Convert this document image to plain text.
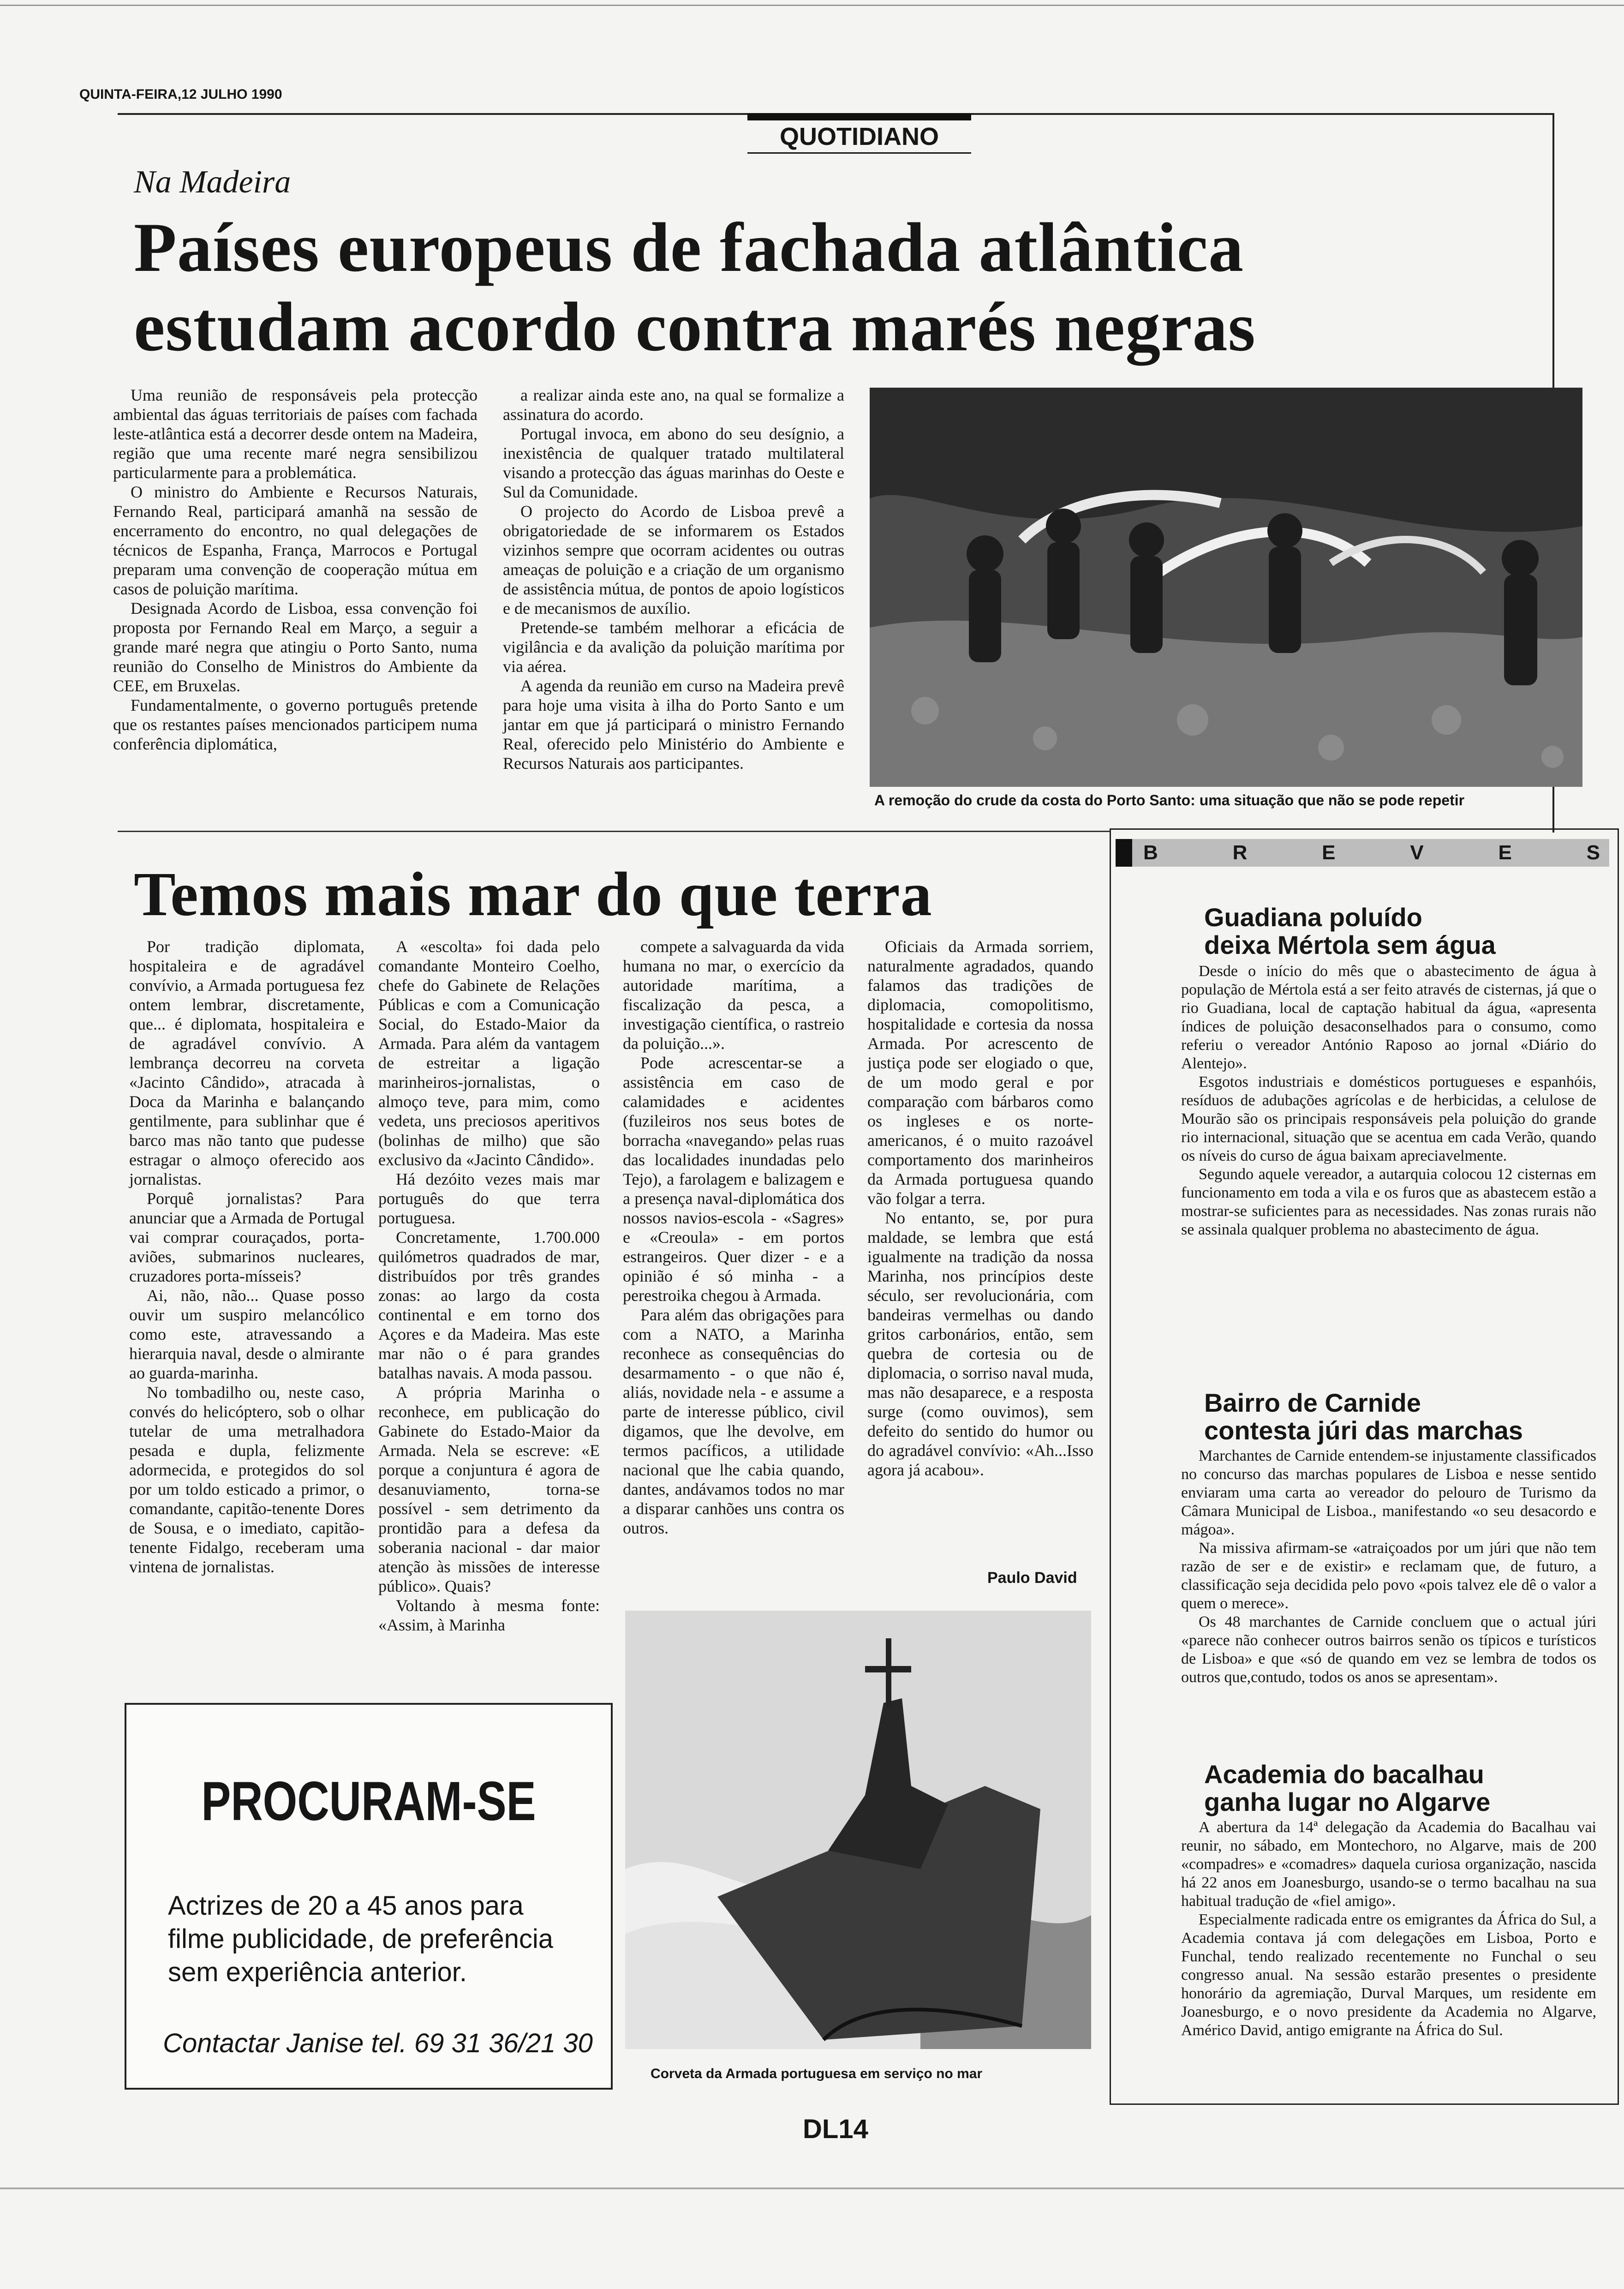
QUINTA-FEIRA,12 JULHO 1990
QUOTIDIANO
Na Madeira
Países europeus de fachada atlântica
estudam acordo contra marés negras

Uma reunião de responsáveis pela protecção ambiental das águas territoriais de países com fachada leste-atlântica está a decorrer desde ontem na Madeira, região que uma recente maré negra sensibilizou particularmente para a problemática.

O ministro do Ambiente e Recursos Naturais, Fernando Real, participará amanhã na sessão de encerramento do encontro, no qual delegações de técnicos de Espanha, França, Marrocos e Portugal preparam uma convenção de cooperação mútua em casos de poluição marítima.

Designada Acordo de Lisboa, essa convenção foi proposta por Fernando Real em Março, a seguir a grande maré negra que atingiu o Porto Santo, numa reunião do Conselho de Ministros do Ambiente da CEE, em Bruxelas.

Fundamentalmente, o governo português pretende que os restantes países mencionados participem numa conferência diplomática,

a realizar ainda este ano, na qual se formalize a assinatura do acordo.

Portugal invoca, em abono do seu desígnio, a inexistência de qualquer tratado multilateral visando a protecção das águas marinhas do Oeste e Sul da Comunidade.

O projecto do Acordo de Lisboa prevê a obrigatoriedade de se informarem os Estados vizinhos sempre que ocorram acidentes ou outras ameaças de poluição e a criação de um organismo de assistência mútua, de pontos de apoio logísticos e de mecanismos de auxílio.

Pretende-se também melhorar a eficácia de vigilância e da avalição da poluição marítima por via aérea.

A agenda da reunião em curso na Madeira prevê para hoje uma visita à ilha do Porto Santo e um jantar em que já participará o ministro Fernando Real, oferecido pelo Ministério do Ambiente e Recursos Naturais aos participantes.

A remoção do crude da costa do Porto Santo: uma situação que não se pode repetir
Temos mais mar do que terra

Por tradição diplomata, hospitaleira e de agradável convívio, a Armada portuguesa fez ontem lembrar, discretamente, que... é diplomata, hospitaleira e de agradável convívio. A lembrança decorreu na corveta «Jacinto Cândido», atracada à Doca da Marinha e balançando gentilmente, para sublinhar que é barco mas não tanto que pudesse estragar o almoço oferecido aos jornalistas.

Porquê jornalistas? Para anunciar que a Armada de Portugal vai comprar couraçados, porta-aviões, submarinos nucleares, cruzadores porta-mísseis?

Ai, não, não... Quase posso ouvir um suspiro melancólico como este, atravessando a hierarquia naval, desde o almirante ao guarda-marinha.

No tombadilho ou, neste caso, convés do helicóptero, sob o olhar tutelar de uma metralhadora pesada e dupla, felizmente adormecida, e protegidos do sol por um toldo esticado a primor, o comandante, capitão-tenente Dores de Sousa, e o imediato, capitão-tenente Fidalgo, receberam uma vintena de jornalistas.

A «escolta» foi dada pelo comandante Monteiro Coelho, chefe do Gabinete de Relações Públicas e com a Comunicação Social, do Estado-Maior da Armada. Para além da vantagem de estreitar a ligação marinheiros-jornalistas, o almoço teve, para mim, como vedeta, uns preciosos aperitivos (bolinhas de milho) que são exclusivo da «Jacinto Cândido».

Há dezóito vezes mais mar português do que terra portuguesa.

Concretamente, 1.700.000 quilómetros quadrados de mar, distribuídos por três grandes zonas: ao largo da costa continental e em torno dos Açores e da Madeira. Mas este mar não o é para grandes batalhas navais. A moda passou.

A própria Marinha o reconhece, em publicação do Gabinete do Estado-Maior da Armada. Nela se escreve: «E porque a conjuntura é agora de desanuviamento, torna-se possível - sem detrimento da prontidão para a defesa da soberania nacional - dar maior atenção às missões de interesse público». Quais?

Voltando à mesma fonte: «Assim, à Marinha

compete a salvaguarda da vida humana no mar, o exercício da autoridade marítima, a fiscalização da pesca, a investigação científica, o rastreio da poluição...».

Pode acrescentar-se a assistência em caso de calamidades e acidentes (fuzileiros nos seus botes de borracha «navegando» pelas ruas das localidades inundadas pelo Tejo), a farolagem e balizagem e a presença naval-diplomática dos nossos navios-escola - «Sagres» e «Creoula» - em portos estrangeiros. Quer dizer - e a opinião é só minha - a perestroika chegou à Armada.

Para além das obrigações para com a NATO, a Marinha reconhece as consequências do desarmamento - o que não é, aliás, novidade nela - e assume a parte de interesse público, civil digamos, que lhe devolve, em termos pacíficos, a utilidade nacional que lhe cabia quando, dantes, andávamos todos no mar a disparar canhões uns contra os outros.

Oficiais da Armada sorriem, naturalmente agradados, quando falamos das tradições de diplomacia, comopolitismo, hospitalidade e cortesia da nossa Armada. Por acrescento de justiça pode ser elogiado o que, de um modo geral e por comparação com bárbaros como os ingleses e os norte-americanos, é o muito razoável comportamento dos marinheiros da Armada portuguesa quando vão folgar a terra.

No entanto, se, por pura maldade, se lembra que está igualmente na tradição da nossa Marinha, nos princípios deste século, ser revolucionária, com bandeiras vermelhas ou dando gritos carbonários, então, sem quebra de cortesia ou de diplomacia, o sorriso naval muda, mas não desaparece, e a resposta surge (como ouvimos), sem defeito do sentido do humor ou do agradável convívio: «Ah...Isso agora já acabou».

Paulo David
Corveta da Armada portuguesa em serviço no mar
PROCURAM-SE
Actrizes de 20 a 45 anos para filme publicidade, de preferência sem experiência anterior.
Contactar Janise tel. 69 31 36/21 30
B	R	E	V	E	S
Guadiana poluído
deixa Mértola sem água

Desde o início do mês que o abastecimento de água à população de Mértola está a ser feito através de cisternas, já que o rio Guadiana, local de captação habitual da água, «apresenta índices de poluição desaconselhados para o consumo, como referiu o vereador António Raposo ao jornal «Diário do Alentejo».

Esgotos industriais e domésticos portugueses e espanhóis, resíduos de adubações agrícolas e de herbicidas, a celulose de Mourão são os principais responsáveis pela poluição do grande rio internacional, situação que se acentua em cada Verão, quando os níveis do curso de água baixam apreciavelmente.

Segundo aquele vereador, a autarquia colocou 12 cisternas em funcionamento em toda a vila e os furos que as abastecem estão a mostrar-se suficientes para as necessidades. Nas zonas rurais não se assinala qualquer problema no abastecimento de água.

Bairro de Carnide
contesta júri das marchas

Marchantes de Carnide entendem-se injustamente classificados no concurso das marchas populares de Lisboa e nesse sentido enviaram uma carta ao vereador do pelouro de Turismo da Câmara Municipal de Lisboa., manifestando «o seu desacordo e mágoa».

Na missiva afirmam-se «atraiçoados por um júri que não tem razão de ser e de existir» e reclamam que, de futuro, a classificação seja decidida pelo povo «pois talvez ele dê o valor a quem o merece».

Os 48 marchantes de Carnide concluem que o actual júri «parece não conhecer outros bairros senão os típicos e turísticos de Lisboa» e que «só de quando em vez se lembra de todos os outros que,contudo, todos os anos se apresentam».

Academia do bacalhau
ganha lugar no Algarve

A abertura da 14ª delegação da Academia do Bacalhau vai reunir, no sábado, em Montechoro, no Algarve, mais de 200 «compadres» e «comadres» daquela curiosa organização, nascida há 22 anos em Joanesburgo, usando-se o termo bacalhau na sua habitual tradução de «fiel amigo».

Especialmente radicada entre os emigrantes da África do Sul, a Academia contava já com delegações em Lisboa, Porto e Funchal, tendo realizado recentemente no Funchal o seu congresso anual. Na sessão estarão presentes o presidente honorário da agremiação, Durval Marques, um residente em Joanesburgo, e o novo presidente da Academia no Algarve, Américo David, antigo emigrante na África do Sul.

DL14
